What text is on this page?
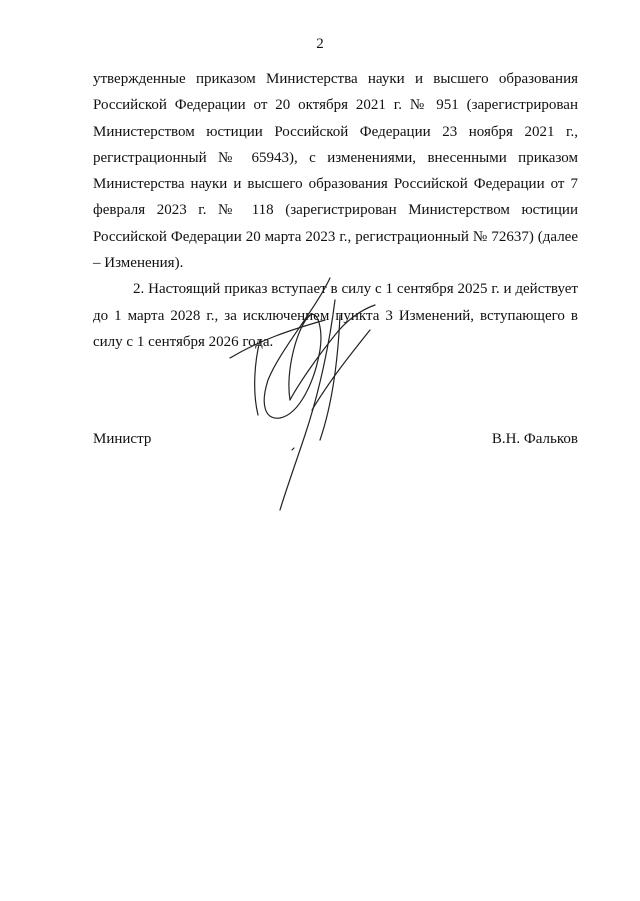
2

утвержденные приказом Министерства науки и высшего образования Российской Федерации от 20 октября 2021 г. № 951 (зарегистрирован Министерством юстиции Российской Федерации 23 ноября 2021 г., регистрационный № 65943), с изменениями, внесенными приказом Министерства науки и высшего образования Российской Федерации от 7 февраля 2023 г. № 118 (зарегистрирован Министерством юстиции Российской Федерации 20 марта 2023 г., регистрационный № 72637) (далее – Изменения).

2. Настоящий приказ вступает в силу с 1 сентября 2025 г. и действует до 1 марта 2028 г., за исключением пункта 3 Изменений, вступающего в силу с 1 сентября 2026 года.

Министр	В.Н. Фальков
